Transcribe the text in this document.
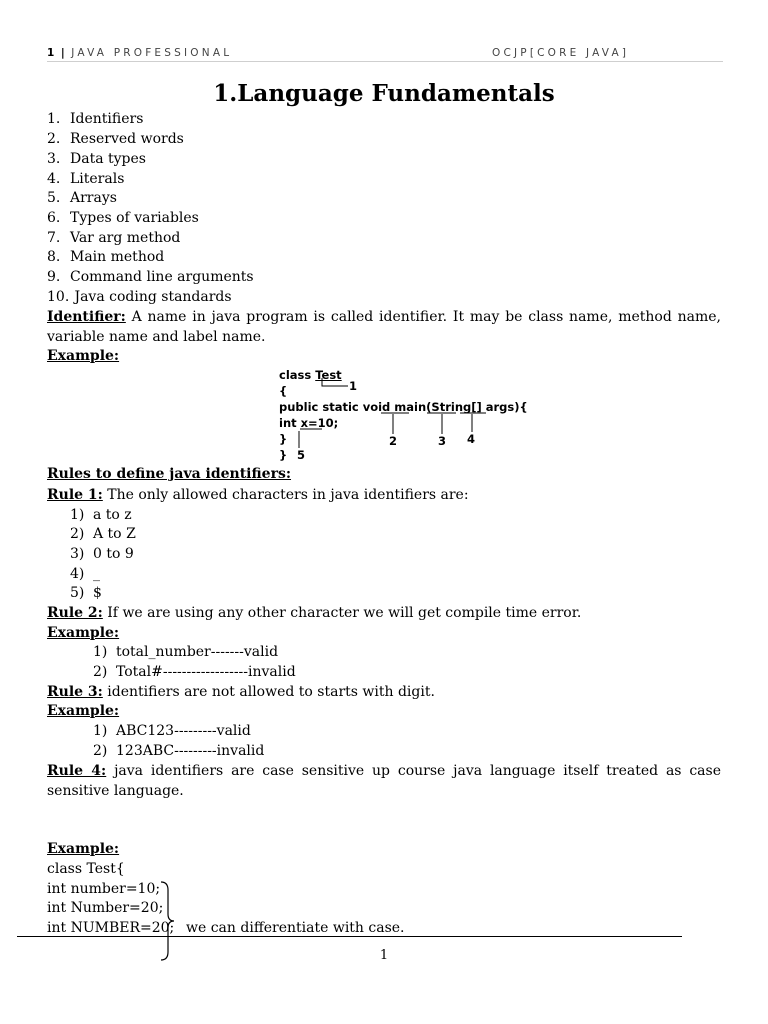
1 | JAVA PROFESSIONAL	OCJP[CORE JAVA]
1.Language Fundamentals
1. Identifiers
2. Reserved words
3. Data types
4. Literals
5. Arrays
6. Types of variables
7. Var arg method
8. Main method
9. Command line arguments
10. Java coding standards
Identifier: A name in java program is called identifier. It may be class name, method name, variable name and label name.
Example:
class Test
{
public static void main(String[] args){
int x=10;
}
}
1
2	3 4
5
Rules to define java identifiers:
Rule 1: The only allowed characters in java identifiers are:
1) a to z
2) A to Z
3) 0 to 9
4) _
5) $
Rule 2: If we are using any other character we will get compile time error.
Example:
1) total_number-------valid
2) Total#------------------invalid
Rule 3: identifiers are not allowed to starts with digit.
Example:
1) ABC123---------valid
2) 123ABC---------invalid
Rule 4: java identifiers are case sensitive up course java language itself treated as case sensitive language.
Example:
class Test{
int number=10;
int Number=20;
int NUMBER=20; we can differentiate with case.
1
